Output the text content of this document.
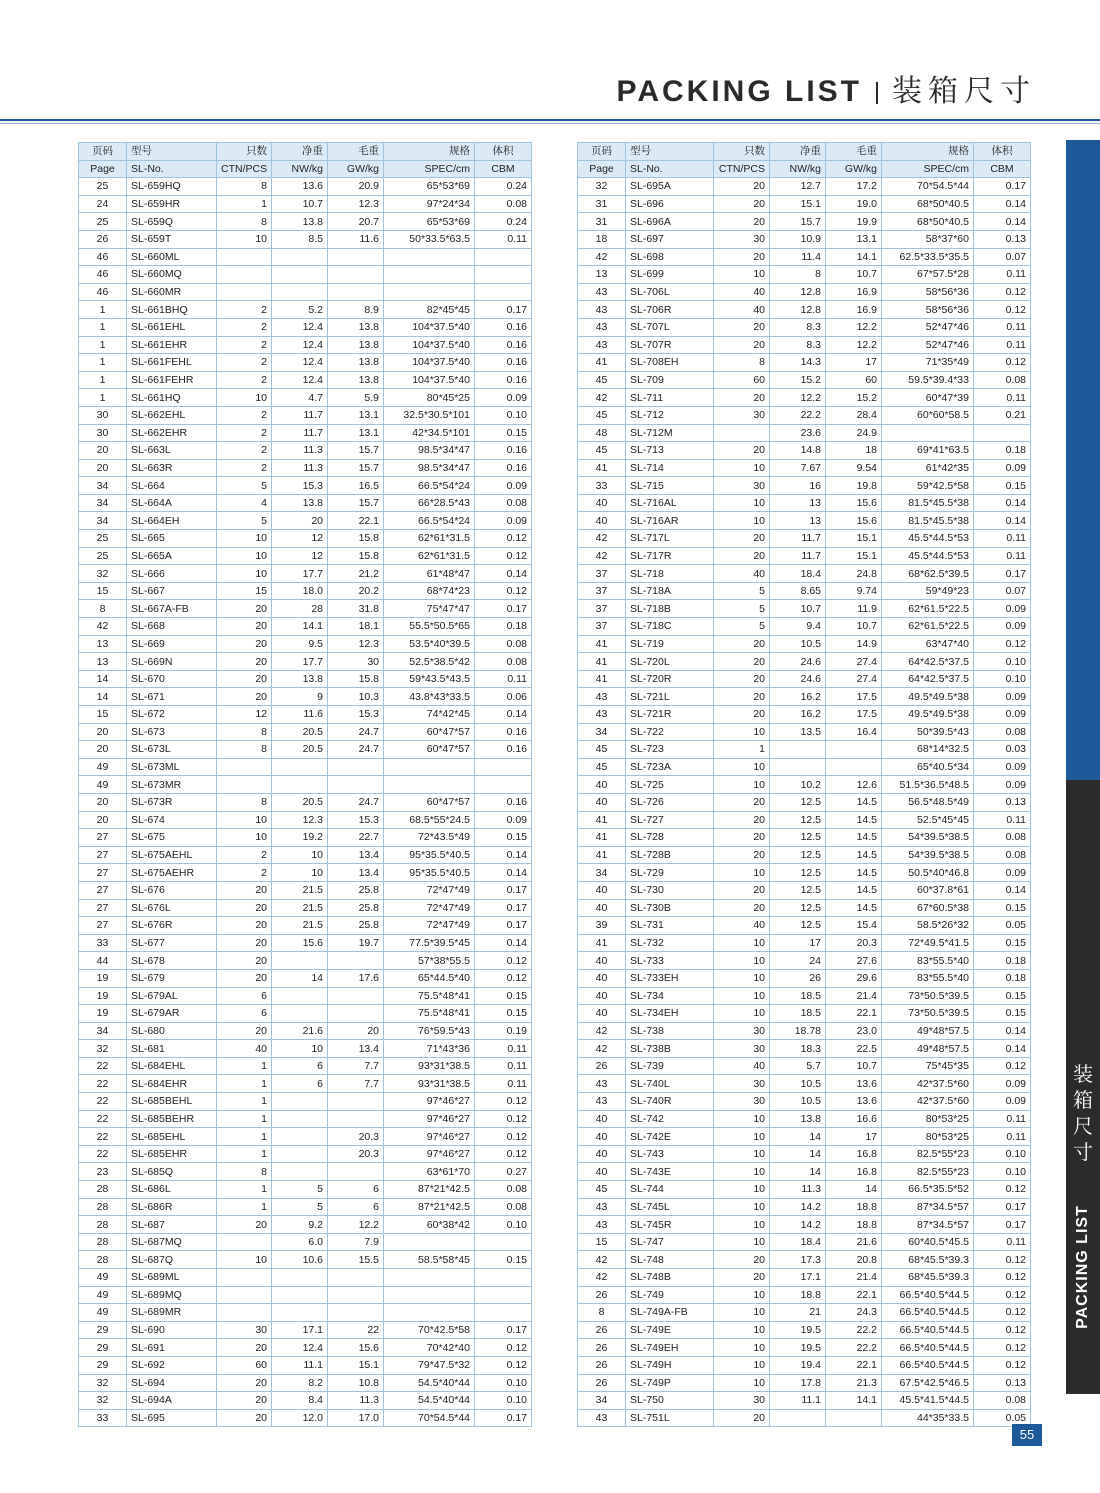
PACKING LIST 装箱尺寸
页码	型号	只数	净重	毛重	规格	体积
Page	SL-No.	CTN/PCS	NW/kg	GW/kg	SPEC/cm	CBM
25	SL-659HQ	8	13.6	20.9	65*53*69	0.24
24	SL-659HR	1	10.7	12.3	97*24*34	0.08
25	SL-659Q	8	13.8	20.7	65*53*69	0.24
26	SL-659T	10	8.5	11.6	50*33.5*63.5	0.11
46	SL-660ML					
46	SL-660MQ					
46	SL-660MR					
1	SL-661BHQ	2	5.2	8.9	82*45*45	0.17
1	SL-661EHL	2	12.4	13.8	104*37.5*40	0.16
1	SL-661EHR	2	12.4	13.8	104*37.5*40	0.16
1	SL-661FEHL	2	12.4	13.8	104*37.5*40	0.16
1	SL-661FEHR	2	12.4	13.8	104*37.5*40	0.16
1	SL-661HQ	10	4.7	5.9	80*45*25	0.09
30	SL-662EHL	2	11.7	13.1	32.5*30.5*101	0.10
30	SL-662EHR	2	11.7	13.1	42*34.5*101	0.15
20	SL-663L	2	11.3	15.7	98.5*34*47	0.16
20	SL-663R	2	11.3	15.7	98.5*34*47	0.16
34	SL-664	5	15.3	16.5	66.5*54*24	0.09
34	SL-664A	4	13.8	15.7	66*28.5*43	0.08
34	SL-664EH	5	20	22.1	66.5*54*24	0.09
25	SL-665	10	12	15.8	62*61*31.5	0.12
25	SL-665A	10	12	15.8	62*61*31.5	0.12
32	SL-666	10	17.7	21.2	61*48*47	0.14
15	SL-667	15	18.0	20.2	68*74*23	0.12
8	SL-667A-FB	20	28	31.8	75*47*47	0.17
42	SL-668	20	14.1	18.1	55.5*50.5*65	0.18
13	SL-669	20	9.5	12.3	53.5*40*39.5	0.08
13	SL-669N	20	17.7	30	52.5*38.5*42	0.08
14	SL-670	20	13.8	15.8	59*43.5*43.5	0.11
14	SL-671	20	9	10.3	43.8*43*33.5	0.06
15	SL-672	12	11.6	15.3	74*42*45	0.14
20	SL-673	8	20.5	24.7	60*47*57	0.16
20	SL-673L	8	20.5	24.7	60*47*57	0.16
49	SL-673ML					
49	SL-673MR					
20	SL-673R	8	20.5	24.7	60*47*57	0.16
20	SL-674	10	12.3	15.3	68.5*55*24.5	0.09
27	SL-675	10	19.2	22.7	72*43.5*49	0.15
27	SL-675AEHL	2	10	13.4	95*35.5*40.5	0.14
27	SL-675AEHR	2	10	13.4	95*35.5*40.5	0.14
27	SL-676	20	21.5	25.8	72*47*49	0.17
27	SL-676L	20	21.5	25.8	72*47*49	0.17
27	SL-676R	20	21.5	25.8	72*47*49	0.17
33	SL-677	20	15.6	19.7	77.5*39.5*45	0.14
44	SL-678	20			57*38*55.5	0.12
19	SL-679	20	14	17.6	65*44.5*40	0.12
19	SL-679AL	6			75.5*48*41	0.15
19	SL-679AR	6			75.5*48*41	0.15
34	SL-680	20	21.6	20	76*59.5*43	0.19
32	SL-681	40	10	13.4	71*43*36	0.11
22	SL-684EHL	1	6	7.7	93*31*38.5	0.11
22	SL-684EHR	1	6	7.7	93*31*38.5	0.11
22	SL-685BEHL	1			97*46*27	0.12
22	SL-685BEHR	1			97*46*27	0.12
22	SL-685EHL	1		20.3	97*46*27	0.12
22	SL-685EHR	1		20.3	97*46*27	0.12
23	SL-685Q	8			63*61*70	0.27
28	SL-686L	1	5	6	87*21*42.5	0.08
28	SL-686R	1	5	6	87*21*42.5	0.08
28	SL-687	20	9.2	12.2	60*38*42	0.10
28	SL-687MQ		6.0	7.9		
28	SL-687Q	10	10.6	15.5	58.5*58*45	0.15
49	SL-689ML					
49	SL-689MQ					
49	SL-689MR					
29	SL-690	30	17.1	22	70*42.5*58	0.17
29	SL-691	20	12.4	15.6	70*42*40	0.12
29	SL-692	60	11.1	15.1	79*47.5*32	0.12
32	SL-694	20	8.2	10.8	54.5*40*44	0.10
32	SL-694A	20	8.4	11.3	54.5*40*44	0.10
33	SL-695	20	12.0	17.0	70*54.5*44	0.17
页码	型号	只数	净重	毛重	规格	体积
Page	SL-No.	CTN/PCS	NW/kg	GW/kg	SPEC/cm	CBM
32	SL-695A	20	12.7	17.2	70*54.5*44	0.17
31	SL-696	20	15.1	19.0	68*50*40.5	0.14
31	SL-696A	20	15.7	19.9	68*50*40.5	0.14
18	SL-697	30	10.9	13.1	58*37*60	0.13
42	SL-698	20	11.4	14.1	62.5*33.5*35.5	0.07
13	SL-699	10	8	10.7	67*57.5*28	0.11
43	SL-706L	40	12.8	16.9	58*56*36	0.12
43	SL-706R	40	12.8	16.9	58*56*36	0.12
43	SL-707L	20	8.3	12.2	52*47*46	0.11
43	SL-707R	20	8.3	12.2	52*47*46	0.11
41	SL-708EH	8	14.3	17	71*35*49	0.12
45	SL-709	60	15.2	60	59.5*39.4*33	0.08
42	SL-711	20	12.2	15.2	60*47*39	0.11
45	SL-712	30	22.2	28.4	60*60*58.5	0.21
48	SL-712M		23.6	24.9		
45	SL-713	20	14.8	18	69*41*63.5	0.18
41	SL-714	10	7.67	9.54	61*42*35	0.09
33	SL-715	30	16	19.8	59*42.5*58	0.15
40	SL-716AL	10	13	15.6	81.5*45.5*38	0.14
40	SL-716AR	10	13	15.6	81.5*45.5*38	0.14
42	SL-717L	20	11.7	15.1	45.5*44.5*53	0.11
42	SL-717R	20	11.7	15.1	45.5*44.5*53	0.11
37	SL-718	40	18.4	24.8	68*62.5*39.5	0.17
37	SL-718A	5	8.65	9.74	59*49*23	0.07
37	SL-718B	5	10.7	11.9	62*61.5*22.5	0.09
37	SL-718C	5	9.4	10.7	62*61.5*22.5	0.09
41	SL-719	20	10.5	14.9	63*47*40	0.12
41	SL-720L	20	24.6	27.4	64*42.5*37.5	0.10
41	SL-720R	20	24.6	27.4	64*42.5*37.5	0.10
43	SL-721L	20	16.2	17.5	49.5*49.5*38	0.09
43	SL-721R	20	16.2	17.5	49.5*49.5*38	0.09
34	SL-722	10	13.5	16.4	50*39.5*43	0.08
45	SL-723	1			68*14*32.5	0.03
45	SL-723A	10			65*40.5*34	0.09
40	SL-725	10	10.2	12.6	51.5*36.5*48.5	0.09
40	SL-726	20	12.5	14.5	56.5*48.5*49	0.13
41	SL-727	20	12.5	14.5	52.5*45*45	0.11
41	SL-728	20	12.5	14.5	54*39.5*38.5	0.08
41	SL-728B	20	12.5	14.5	54*39.5*38.5	0.08
34	SL-729	10	12.5	14.5	50.5*40*46.8	0.09
40	SL-730	20	12.5	14.5	60*37.8*61	0.14
40	SL-730B	20	12.5	14.5	67*60.5*38	0.15
39	SL-731	40	12.5	15.4	58.5*26*32	0.05
41	SL-732	10	17	20.3	72*49.5*41.5	0.15
40	SL-733	10	24	27.6	83*55.5*40	0.18
40	SL-733EH	10	26	29.6	83*55.5*40	0.18
40	SL-734	10	18.5	21.4	73*50.5*39.5	0.15
40	SL-734EH	10	18.5	22.1	73*50.5*39.5	0.15
42	SL-738	30	18.78	23.0	49*48*57.5	0.14
42	SL-738B	30	18.3	22.5	49*48*57.5	0.14
26	SL-739	40	5.7	10.7	75*45*35	0.12
43	SL-740L	30	10.5	13.6	42*37.5*60	0.09
43	SL-740R	30	10.5	13.6	42*37.5*60	0.09
40	SL-742	10	13.8	16.6	80*53*25	0.11
40	SL-742E	10	14	17	80*53*25	0.11
40	SL-743	10	14	16.8	82.5*55*23	0.10
40	SL-743E	10	14	16.8	82.5*55*23	0.10
45	SL-744	10	11.3	14	66.5*35.5*52	0.12
43	SL-745L	10	14.2	18.8	87*34.5*57	0.17
43	SL-745R	10	14.2	18.8	87*34.5*57	0.17
15	SL-747	10	18.4	21.6	60*40.5*45.5	0.11
42	SL-748	20	17.3	20.8	68*45.5*39.3	0.12
42	SL-748B	20	17.1	21.4	68*45.5*39.3	0.12
26	SL-749	10	18.8	22.1	66.5*40.5*44.5	0.12
8	SL-749A-FB	10	21	24.3	66.5*40.5*44.5	0.12
26	SL-749E	10	19.5	22.2	66.5*40.5*44.5	0.12
26	SL-749EH	10	19.5	22.2	66.5*40.5*44.5	0.12
26	SL-749H	10	19.4	22.1	66.5*40.5*44.5	0.12
26	SL-749P	10	17.8	21.3	67.5*42.5*46.5	0.13
34	SL-750	30	11.1	14.1	45.5*41.5*44.5	0.08
43	SL-751L	20			44*35*33.5	0.05
装
箱
尺
寸
PACKING LIST
55
